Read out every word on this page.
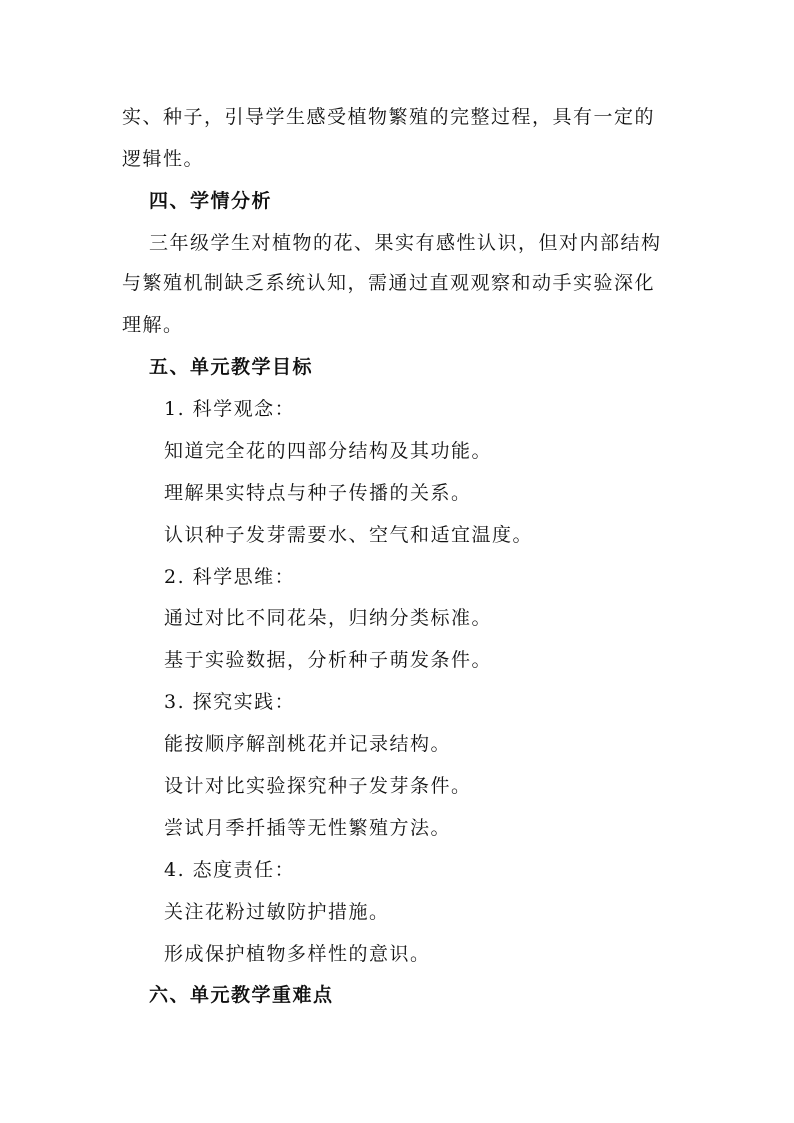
实、种子，引导学生感受植物繁殖的完整过程，具有一定的
逻辑性。
四、学情分析
三年级学生对植物的花、果实有感性认识，但对内部结构
与繁殖机制缺乏系统认知，需通过直观观察和动手实验深化
理解。
五、单元教学目标
1. 科学观念：
知道完全花的四部分结构及其功能。
理解果实特点与种子传播的关系。
认识种子发芽需要水、空气和适宜温度。
2. 科学思维：
通过对比不同花朵，归纳分类标准。
基于实验数据，分析种子萌发条件。
3. 探究实践：
能按顺序解剖桃花并记录结构。
设计对比实验探究种子发芽条件。
尝试月季扦插等无性繁殖方法。
4. 态度责任：
关注花粉过敏防护措施。
形成保护植物多样性的意识。
六、单元教学重难点
